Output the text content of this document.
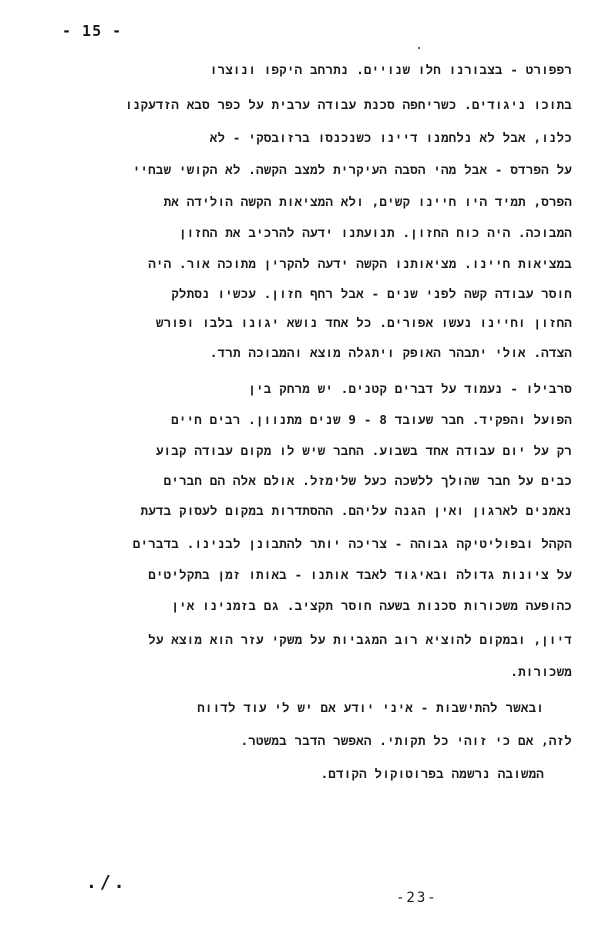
- 15 -
רפפורט - בצבורנו חלו שנויים. נתרחב היקפו ונוצרו
בתוכו ניגודים. כשריחפה סכנת עבודה ערבית על כפר סבא הזדעקנו
כלנו, אבל לא נלחמנו דיינו כשנכנסו ברזובסקי - לא
על הפרדס - אבל מהי הסבה העיקרית למצב הקשה. לא הקושי שבחיי
הפרס, תמיד היו חיינו קשים, ולא המציאות הקשה הולידה את
המבוכה. היה כוח החזון. תנועתנו ידעה להרכיב את החזון
במציאות חיינו. מציאותנו הקשה ידעה להקרין מתוכה אור. היה
חוסר עבודה קשה לפני שנים - אבל רחף חזון. עכשיו נסתלק
החזון וחיינו נעשו אפורים. כל אחד נושא יגונו בלבו ופורש
הצדה. אולי יתבהר האופק ויתגלה מוצא והמבוכה תרד.
סרבילו - נעמוד על דברים קטנים. יש מרחק בין
הפועל והפקיד. חבר שעובד 8 - 9 שנים מתנוון. רבים חיים
רק על יום עבודה אחד בשבוע. החבר שיש לו מקום עבודה קבוע
כבים על חבר שהולך ללשכה כעל שלימזל. אולם אלה הם חברים
נאמנים לארגון ואין הגנה עליהם. ההסתדרות במקום לעסוק בדעת
הקהל ובפוליטיקה גבוהה - צריכה יותר להתבונן לבנינו. בדברים
על ציונות גדולה ובאיגוד לאבד אותנו - באותו זמן בתקליטים
כהופעה משכורות סכנות בשעה חוסר תקציב. גם בזמנינו אין
דיון, ובמקום להוציא רוב המגביות על משקי עזר הוא מוצא על
משכורות.
ובאשר להתישבות - איני יודע אם יש לי עוד לדווח
לזה, אם כי זוהי כל תקותי. האפשר הדבר במשטר.
המשובה נרשמה בפרוטוקול הקודם.
./.
-23-
